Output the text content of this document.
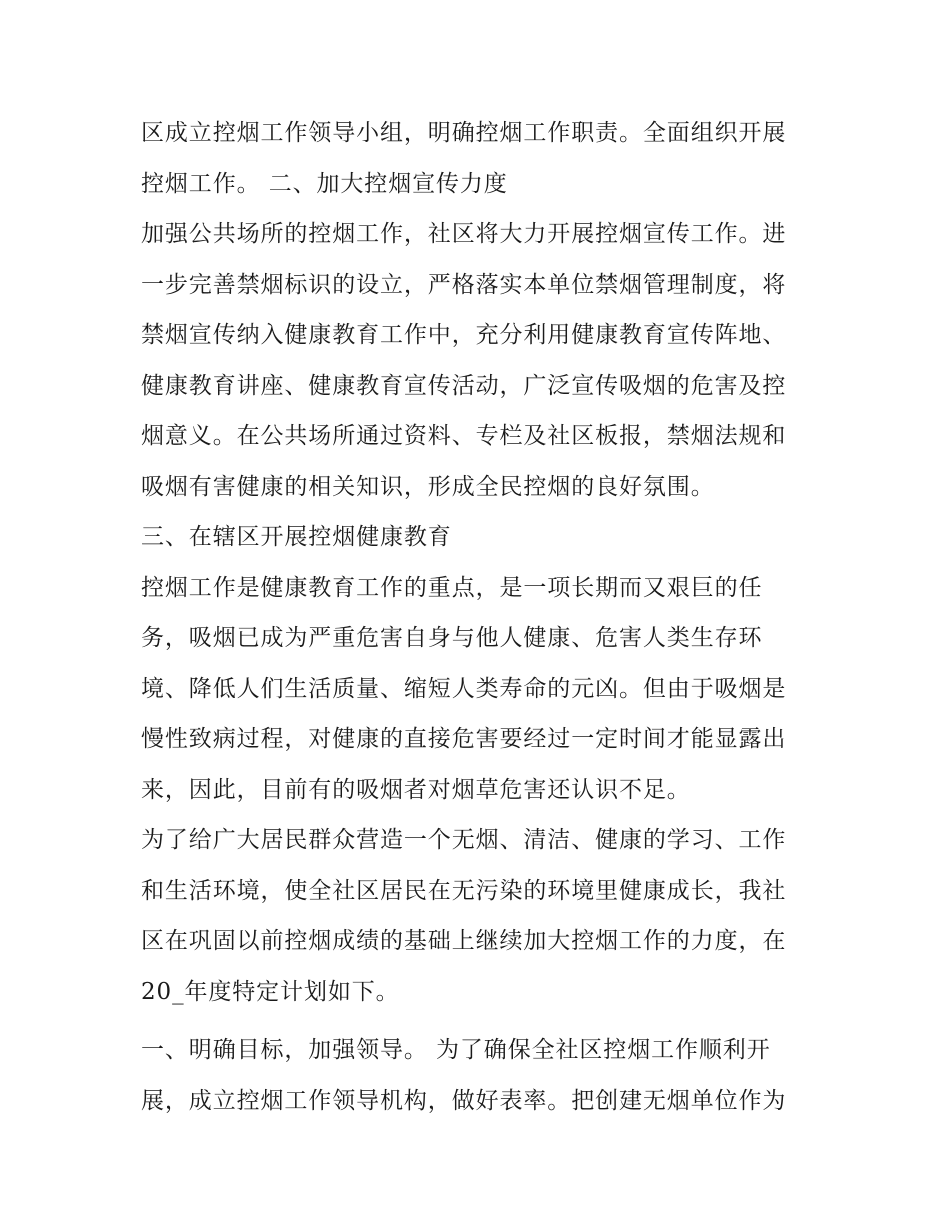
区成立控烟工作领导小组，明确控烟工作职责。全面组织开展
控烟工作。 二、加大控烟宣传力度
加强公共场所的控烟工作，社区将大力开展控烟宣传工作。进
一步完善禁烟标识的设立，严格落实本单位禁烟管理制度，将
禁烟宣传纳入健康教育工作中，充分利用健康教育宣传阵地、
健康教育讲座、健康教育宣传活动，广泛宣传吸烟的危害及控
烟意义。在公共场所通过资料、专栏及社区板报，禁烟法规和
吸烟有害健康的相关知识，形成全民控烟的良好氛围。
三、在辖区开展控烟健康教育
控烟工作是健康教育工作的重点，是一项长期而又艰巨的任
务，吸烟已成为严重危害自身与他人健康、危害人类生存环
境、降低人们生活质量、缩短人类寿命的元凶。但由于吸烟是
慢性致病过程，对健康的直接危害要经过一定时间才能显露出
来，因此，目前有的吸烟者对烟草危害还认识不足。
为了给广大居民群众营造一个无烟、清洁、健康的学习、工作
和生活环境，使全社区居民在无污染的环境里健康成长，我社
区在巩固以前控烟成绩的基础上继续加大控烟工作的力度，在
20_年度特定计划如下。
一、明确目标，加强领导。 为了确保全社区控烟工作顺利开
展，成立控烟工作领导机构，做好表率。把创建无烟单位作为
